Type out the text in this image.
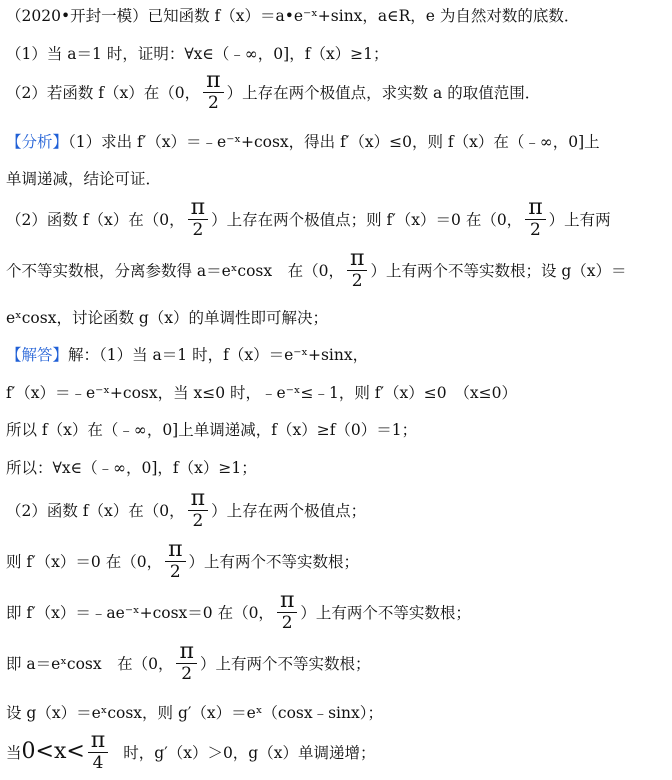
（2020•开封一模）已知函数 f（x）＝a•e⁻ˣ+sinx，a∈R，e 为自然对数的底数．
（1）当 a＝1 时，证明：∀x∈（﹣∞，0]，f（x）≥1；
（2）若函数 f（x）在（0， $\frac{\pi}{2}$ ）上存在两个极值点，求实数 a 的取值范围．
【分析】（1）求出 f′（x）＝﹣e⁻ˣ+cosx，得出 f′（x）≤0，则 f（x）在（﹣∞，0]上
单调递减，结论可证．
（2）函数 f（x）在（0， $\frac{\pi}{2}$ ）上存在两个极值点；则 f′（x）＝0 在（0， $\frac{\pi}{2}$ ）上有两
个不等实数根，分离参数得 a＝eˣcosx　在（0， $\frac{\pi}{2}$ ）上有两个不等实数根；设 g（x）＝
eˣcosx，讨论函数 g（x）的单调性即可解决；
【解答】解：（1）当 a＝1 时，f（x）＝e⁻ˣ+sinx，
f′（x）＝﹣e⁻ˣ+cosx，当 x≤0 时，﹣e⁻ˣ≤﹣1，则 f′（x）≤0　（x≤0）
所以 f（x）在（﹣∞，0]上单调递减，f（x）≥f（0）＝1；
所以：∀x∈（﹣∞，0]，f（x）≥1；
（2）函数 f（x）在（0， $\frac{\pi}{2}$ ）上存在两个极值点；
则 f′（x）＝0 在（0， $\frac{\pi}{2}$ ）上有两个不等实数根；
即 f′（x）＝﹣ae⁻ˣ+cosx＝0 在（0， $\frac{\pi}{2}$ ）上有两个不等实数根；
即 a＝eˣcosx　在（0， $\frac{\pi}{2}$ ）上有两个不等实数根；
设 g（x）＝eˣcosx，则 g′（x）＝eˣ（cosx﹣sinx）；
当$0<x< \frac{\pi}{4}$ 时，g′（x）＞0，g（x）单调递增；
